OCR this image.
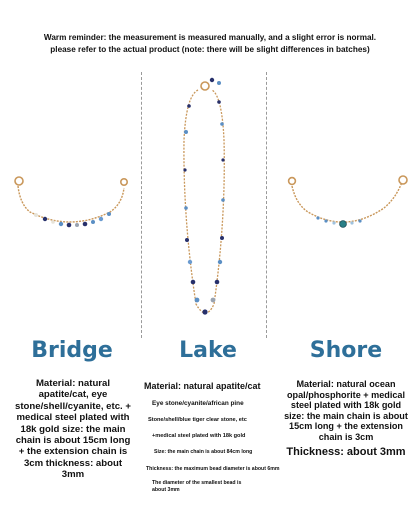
Warm reminder: the measurement is measured manually, and a slight error is normal.
please refer to the actual product (note: there will be slight differences in batches)
Bridge	Lake	Shore
Material: natural apatite/cat, eye stone/shell/cyanite, etc. + medical steel plated with 18k gold size: the main chain is about 15cm long + the extension chain is 3cm thickness: about 3mm
Material: natural apatite/cat
Eye stone/cyanite/african pine
Stone/shell/blue tiger clear stone, etc
+medical steel plated with 18k gold
Size: the main chain is about 84cm long
Thickness: the maximum bead diameter is about 6mm
The diameter of the smallest bead is about 3mm
Material: natural ocean opal/phosphorite + medical steel plated with 18k gold size: the main chain is about 15cm long + the extension chain is 3cm
Thickness: about 3mm
